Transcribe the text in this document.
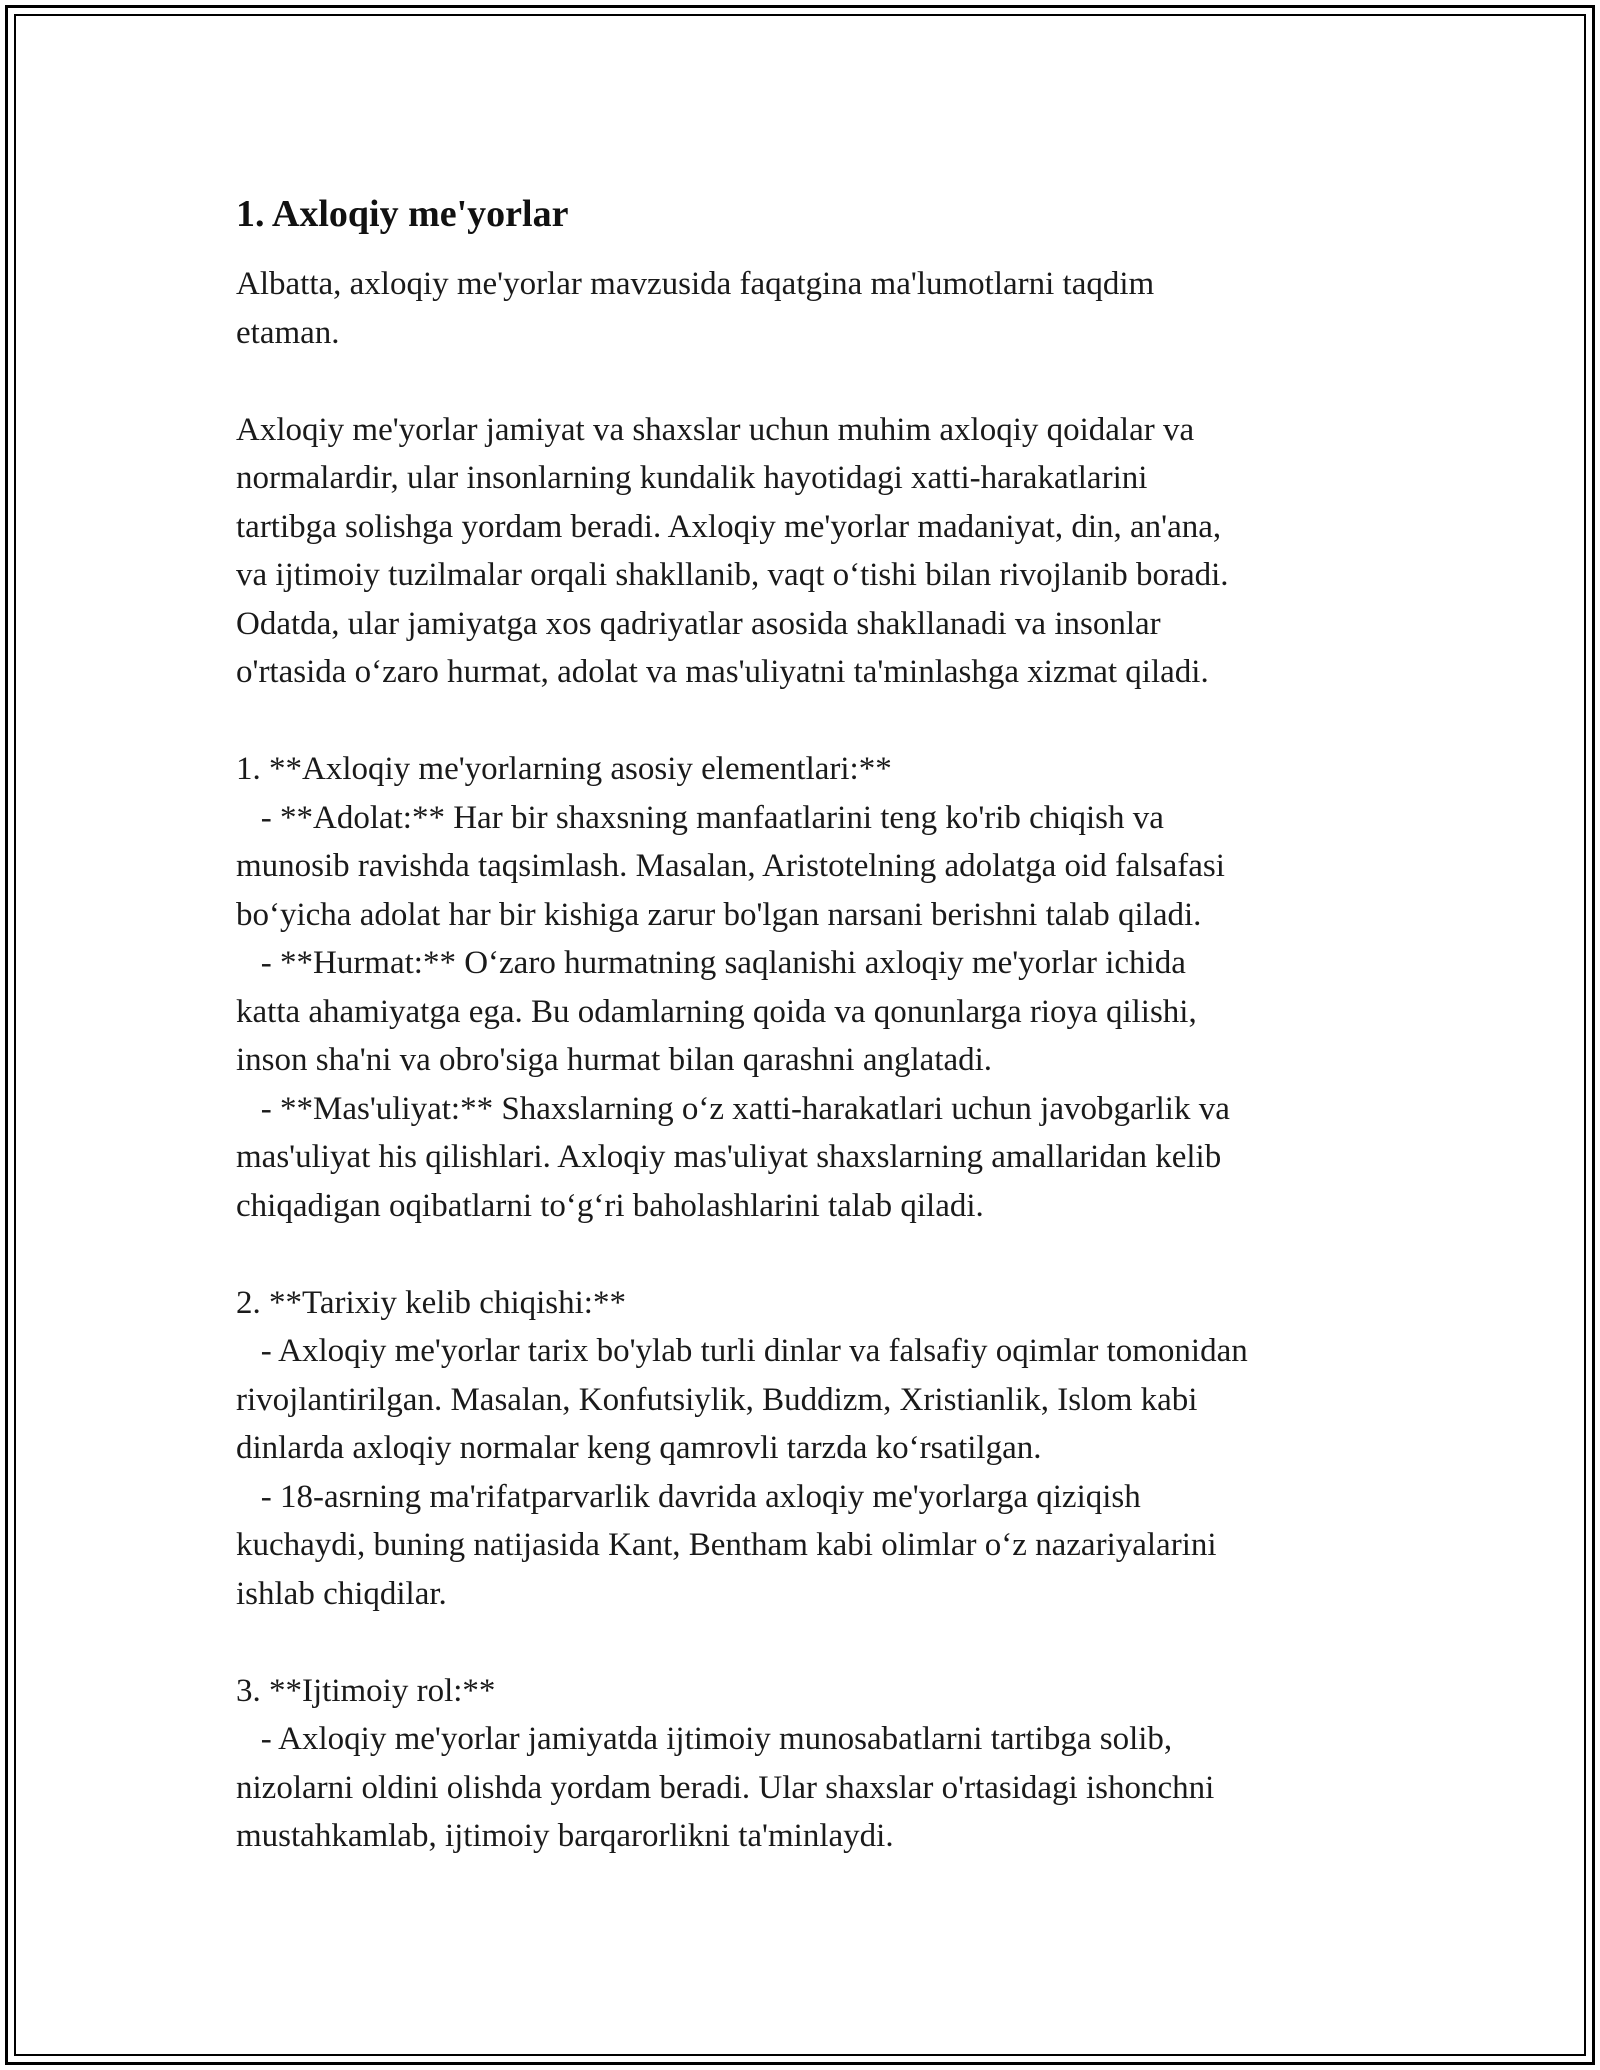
1. Axloqiy me'yorlar
Albatta, axloqiy me'yorlar mavzusida faqatgina ma'lumotlarni taqdim
etaman.
Axloqiy me'yorlar jamiyat va shaxslar uchun muhim axloqiy qoidalar va
normalardir, ular insonlarning kundalik hayotidagi xatti-harakatlarini
tartibga solishga yordam beradi. Axloqiy me'yorlar madaniyat, din, an'ana,
va ijtimoiy tuzilmalar orqali shakllanib, vaqt o‘tishi bilan rivojlanib boradi.
Odatda, ular jamiyatga xos qadriyatlar asosida shakllanadi va insonlar
o'rtasida o‘zaro hurmat, adolat va mas'uliyatni ta'minlashga xizmat qiladi.
1. **Axloqiy me'yorlarning asosiy elementlari:**
- **Adolat:** Har bir shaxsning manfaatlarini teng ko'rib chiqish va
munosib ravishda taqsimlash. Masalan, Aristotelning adolatga oid falsafasi
bo‘yicha adolat har bir kishiga zarur bo'lgan narsani berishni talab qiladi.
- **Hurmat:** O‘zaro hurmatning saqlanishi axloqiy me'yorlar ichida
katta ahamiyatga ega. Bu odamlarning qoida va qonunlarga rioya qilishi,
inson sha'ni va obro'siga hurmat bilan qarashni anglatadi.
- **Mas'uliyat:** Shaxslarning o‘z xatti-harakatlari uchun javobgarlik va
mas'uliyat his qilishlari. Axloqiy mas'uliyat shaxslarning amallaridan kelib
chiqadigan oqibatlarni to‘g‘ri baholashlarini talab qiladi.
2. **Tarixiy kelib chiqishi:**
- Axloqiy me'yorlar tarix bo'ylab turli dinlar va falsafiy oqimlar tomonidan
rivojlantirilgan. Masalan, Konfutsiylik, Buddizm, Xristianlik, Islom kabi
dinlarda axloqiy normalar keng qamrovli tarzda ko‘rsatilgan.
- 18-asrning ma'rifatparvarlik davrida axloqiy me'yorlarga qiziqish
kuchaydi, buning natijasida Kant, Bentham kabi olimlar o‘z nazariyalarini
ishlab chiqdilar.
3. **Ijtimoiy rol:**
- Axloqiy me'yorlar jamiyatda ijtimoiy munosabatlarni tartibga solib,
nizolarni oldini olishda yordam beradi. Ular shaxslar o'rtasidagi ishonchni
mustahkamlab, ijtimoiy barqarorlikni ta'minlaydi.
